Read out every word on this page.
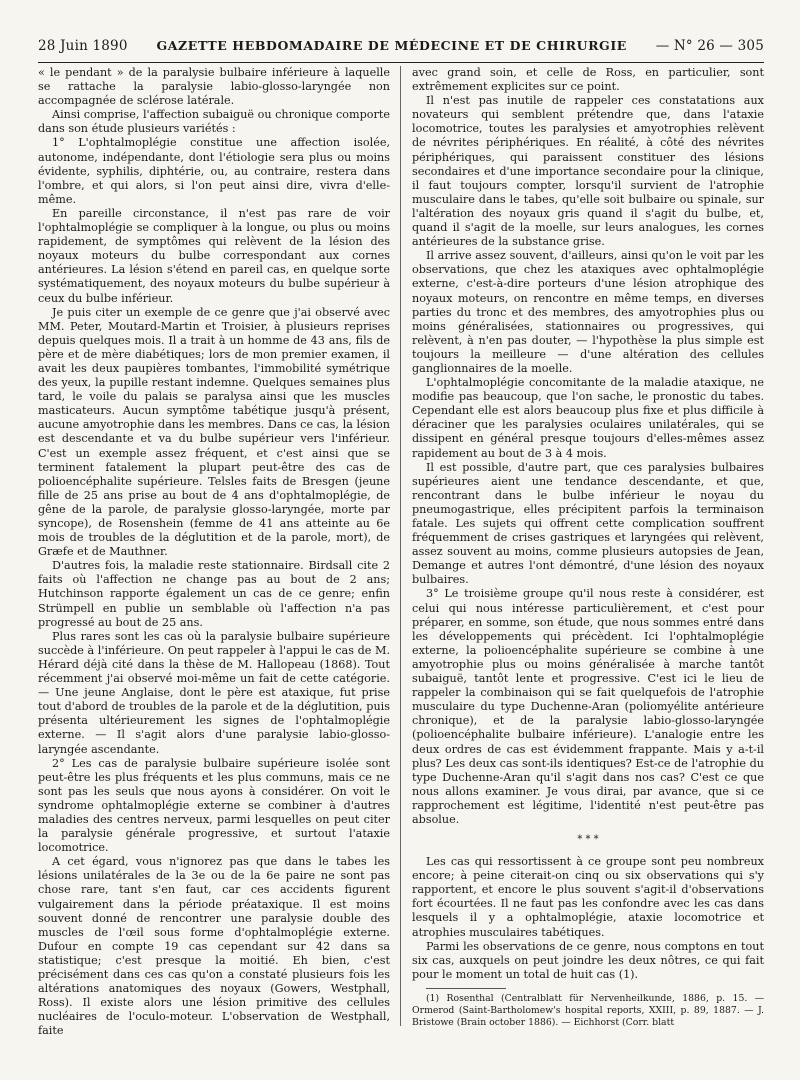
28 Juin 1890 GAZETTE HEBDOMADAIRE DE MÉDECINE ET DE CHIRURGIE — N° 26 — 305

« le pendant » de la paralysie bulbaire inférieure à laquelle se rattache la paralysie labio-glosso-laryngée non accompagnée de sclérose latérale.

Ainsi comprise, l'affection subaiguë ou chronique comporte dans son étude plusieurs variétés :

1° L'ophtalmoplégie constitue une affection isolée, autonome, indépendante, dont l'étiologie sera plus ou moins évidente, syphilis, diphtérie, ou, au contraire, restera dans l'ombre, et qui alors, si l'on peut ainsi dire, vivra d'elle-même.

En pareille circonstance, il n'est pas rare de voir l'ophtalmoplégie se compliquer à la longue, ou plus ou moins rapidement, de symptômes qui relèvent de la lésion des noyaux moteurs du bulbe correspondant aux cornes antérieures. La lésion s'étend en pareil cas, en quelque sorte systématiquement, des noyaux moteurs du bulbe supérieur à ceux du bulbe inférieur.

Je puis citer un exemple de ce genre que j'ai observé avec MM. Peter, Moutard-Martin et Troisier, à plusieurs reprises depuis quelques mois. Il a trait à un homme de 43 ans, fils de père et de mère diabétiques; lors de mon premier examen, il avait les deux paupières tombantes, l'immobilité symétrique des yeux, la pupille restant indemne. Quelques semaines plus tard, le voile du palais se paralysa ainsi que les muscles masticateurs. Aucun symptôme tabétique jusqu'à présent, aucune amyotrophie dans les membres. Dans ce cas, la lésion est descendante et va du bulbe supérieur vers l'inférieur. C'est un exemple assez fréquent, et c'est ainsi que se terminent fatalement la plupart peut-être des cas de polioencéphalite supérieure. Telsles faits de Bresgen (jeune fille de 25 ans prise au bout de 4 ans d'ophtalmoplégie, de gêne de la parole, de paralysie glosso-laryngée, morte par syncope), de Rosenshein (femme de 41 ans atteinte au 6e mois de troubles de la déglutition et de la parole, mort), de Græfe et de Mauthner.

D'autres fois, la maladie reste stationnaire. Birdsall cite 2 faits où l'affection ne change pas au bout de 2 ans; Hutchinson rapporte également un cas de ce genre; enfin Strümpell en publie un semblable où l'affection n'a pas progressé au bout de 25 ans.

Plus rares sont les cas où la paralysie bulbaire supérieure succède à l'inférieure. On peut rappeler à l'appui le cas de M. Hérard déjà cité dans la thèse de M. Hallopeau (1868). Tout récemment j'ai observé moi-même un fait de cette catégorie. — Une jeune Anglaise, dont le père est ataxique, fut prise tout d'abord de troubles de la parole et de la déglutition, puis présenta ultérieurement les signes de l'ophtalmoplégie externe. — Il s'agit alors d'une paralysie labio-glosso-laryngée ascendante.

2° Les cas de paralysie bulbaire supérieure isolée sont peut-être les plus fréquents et les plus communs, mais ce ne sont pas les seuls que nous ayons à considérer. On voit le syndrome ophtalmoplégie externe se combiner à d'autres maladies des centres nerveux, parmi lesquelles on peut citer la paralysie générale progressive, et surtout l'ataxie locomotrice.

A cet égard, vous n'ignorez pas que dans le tabes les lésions unilatérales de la 3e ou de la 6e paire ne sont pas chose rare, tant s'en faut, car ces accidents figurent vulgairement dans la période préataxique. Il est moins souvent donné de rencontrer une paralysie double des muscles de l'œil sous forme d'ophtalmoplégie externe. Dufour en compte 19 cas cependant sur 42 dans sa statistique; c'est presque la moitié. Eh bien, c'est précisément dans ces cas qu'on a constaté plusieurs fois les altérations anatomiques des noyaux (Gowers, Westphall, Ross). Il existe alors une lésion primitive des cellules nucléaires de l'oculo-moteur. L'observation de Westphall, faite

avec grand soin, et celle de Ross, en particulier, sont extrêmement explicites sur ce point.

Il n'est pas inutile de rappeler ces constatations aux novateurs qui semblent prétendre que, dans l'ataxie locomotrice, toutes les paralysies et amyotrophies relèvent de névrites périphériques. En réalité, à côté des névrites périphériques, qui paraissent constituer des lésions secondaires et d'une importance secondaire pour la clinique, il faut toujours compter, lorsqu'il survient de l'atrophie musculaire dans le tabes, qu'elle soit bulbaire ou spinale, sur l'altération des noyaux gris quand il s'agit du bulbe, et, quand il s'agit de la moelle, sur leurs analogues, les cornes antérieures de la substance grise.

Il arrive assez souvent, d'ailleurs, ainsi qu'on le voit par les observations, que chez les ataxiques avec ophtalmoplégie externe, c'est-à-dire porteurs d'une lésion atrophique des noyaux moteurs, on rencontre en même temps, en diverses parties du tronc et des membres, des amyotrophies plus ou moins généralisées, stationnaires ou progressives, qui relèvent, à n'en pas douter, — l'hypothèse la plus simple est toujours la meilleure — d'une altération des cellules ganglionnaires de la moelle.

L'ophtalmoplégie concomitante de la maladie ataxique, ne modifie pas beaucoup, que l'on sache, le pronostic du tabes. Cependant elle est alors beaucoup plus fixe et plus difficile à déraciner que les paralysies oculaires unilatérales, qui se dissipent en général presque toujours d'elles-mêmes assez rapidement au bout de 3 à 4 mois.

Il est possible, d'autre part, que ces paralysies bulbaires supérieures aient une tendance descendante, et que, rencontrant dans le bulbe inférieur le noyau du pneumogastrique, elles précipitent parfois la terminaison fatale. Les sujets qui offrent cette complication souffrent fréquemment de crises gastriques et laryngées qui relèvent, assez souvent au moins, comme plusieurs autopsies de Jean, Demange et autres l'ont démontré, d'une lésion des noyaux bulbaires.

3° Le troisième groupe qu'il nous reste à considérer, est celui qui nous intéresse particulièrement, et c'est pour préparer, en somme, son étude, que nous sommes entré dans les développements qui précèdent. Ici l'ophtalmoplégie externe, la polioencéphalite supérieure se combine à une amyotrophie plus ou moins généralisée à marche tantôt subaiguë, tantôt lente et progressive. C'est ici le lieu de rappeler la combinaison qui se fait quelquefois de l'atrophie musculaire du type Duchenne-Aran (poliomyélite antérieure chronique), et de la paralysie labio-glosso-laryngée (polioencéphalite bulbaire inférieure). L'analogie entre les deux ordres de cas est évidemment frappante. Mais y a-t-il plus? Les deux cas sont-ils identiques? Est-ce de l'atrophie du type Duchenne-Aran qu'il s'agit dans nos cas? C'est ce que nous allons examiner. Je vous dirai, par avance, que si ce rapprochement est légitime, l'identité n'est peut-être pas absolue.

* * *

Les cas qui ressortissent à ce groupe sont peu nombreux encore; à peine citerait-on cinq ou six observations qui s'y rapportent, et encore le plus souvent s'agit-il d'observations fort écourtées. Il ne faut pas les confondre avec les cas dans lesquels il y a ophtalmoplégie, ataxie locomotrice et atrophies musculaires tabétiques.

Parmi les observations de ce genre, nous comptons en tout six cas, auxquels on peut joindre les deux nôtres, ce qui fait pour le moment un total de huit cas (1).

(1) Rosenthal (Centralblatt für Nervenheilkunde, 1886, p. 15. — Ormerod (Saint-Bartholomew's hospital reports, XXIII, p. 89, 1887. — J. Bristowe (Brain october 1886). — Eichhorst (Corr. blatt
